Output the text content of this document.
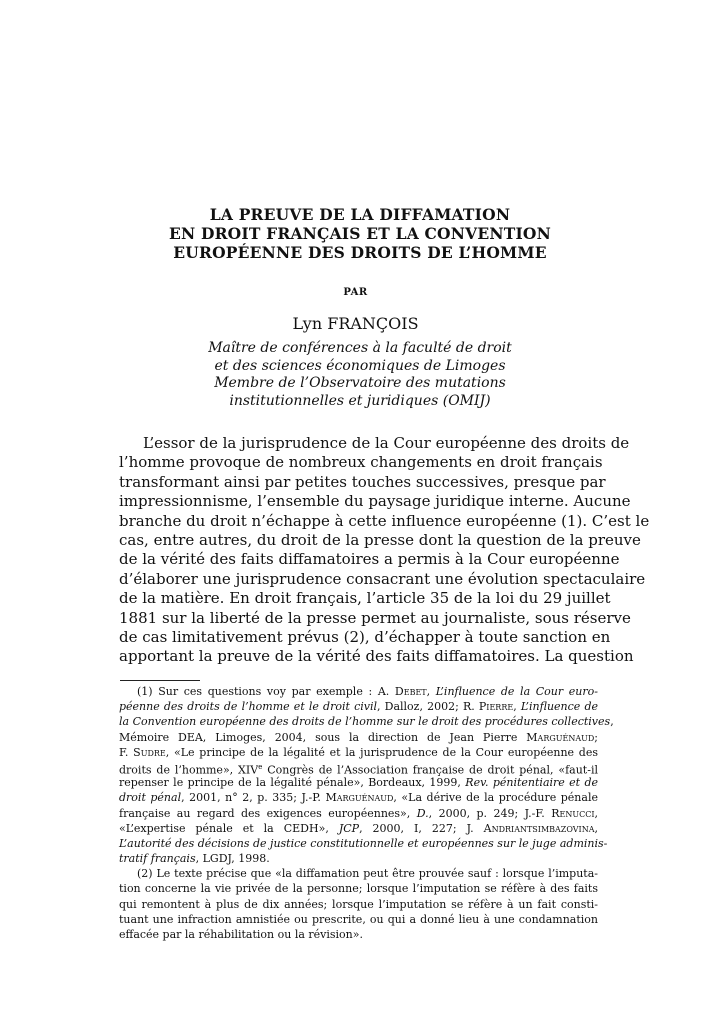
LA PREUVE DE LA DIFFAMATION
EN DROIT FRANÇAIS ET LA CONVENTION
EUROPÉENNE DES DROITS DE L’HOMME
PAR
Lyn FRANÇOIS
Maître de conférences à la faculté de droit
et des sciences économiques de Limoges
Membre de l’Observatoire des mutations
institutionnelles et juridiques (OMIJ)
L’essor de la jurisprudence de la Cour européenne des droits de
l’homme provoque de nombreux changements en droit français
transformant ainsi par petites touches successives, presque par
impressionnisme, l’ensemble du paysage juridique interne. Aucune
branche du droit n’échappe à cette influence européenne (1). C’est le
cas, entre autres, du droit de la presse dont la question de la preuve
de la vérité des faits diffamatoires a permis à la Cour européenne
d’élaborer une jurisprudence consacrant une évolution spectaculaire
de la matière. En droit français, l’article 35 de la loi du 29 juillet
1881 sur la liberté de la presse permet au journaliste, sous réserve
de cas limitativement prévus (2), d’échapper à toute sanction en
apportant la preuve de la vérité des faits diffamatoires. La question
(1) Sur ces questions voy par exemple : A. Debet, L’influence de la Cour euro-
péenne des droits de l’homme et le droit civil, Dalloz, 2002; R. Pierre, L’influence de
la Convention européenne des droits de l’homme sur le droit des procédures collectives,
Mémoire DEA, Limoges, 2004, sous la direction de Jean Pierre Marguénaud;
F. Sudre, «Le principe de la légalité et la jurisprudence de la Cour européenne des
droits de l’homme», XIVe Congrès de l’Association française de droit pénal, «faut-il
repenser le principe de la légalité pénale», Bordeaux, 1999, Rev. pénitentiaire et de
droit pénal, 2001, n° 2, p. 335; J.-P. Marguénaud, «La dérive de la procédure pénale
française au regard des exigences européennes», D., 2000, p. 249; J.-F. Renucci,
«L’expertise pénale et la CEDH», JCP, 2000, I, 227; J. Andriantsimbazovina,
L’autorité des décisions de justice constitutionnelle et européennes sur le juge adminis-
tratif français, LGDJ, 1998.
(2) Le texte précise que «la diffamation peut être prouvée sauf : lorsque l’imputa-
tion concerne la vie privée de la personne; lorsque l’imputation se réfère à des faits
qui remontent à plus de dix années; lorsque l’imputation se réfère à un fait consti-
tuant une infraction amnistiée ou prescrite, ou qui a donné lieu à une condamnation
effacée par la réhabilitation ou la révision».
